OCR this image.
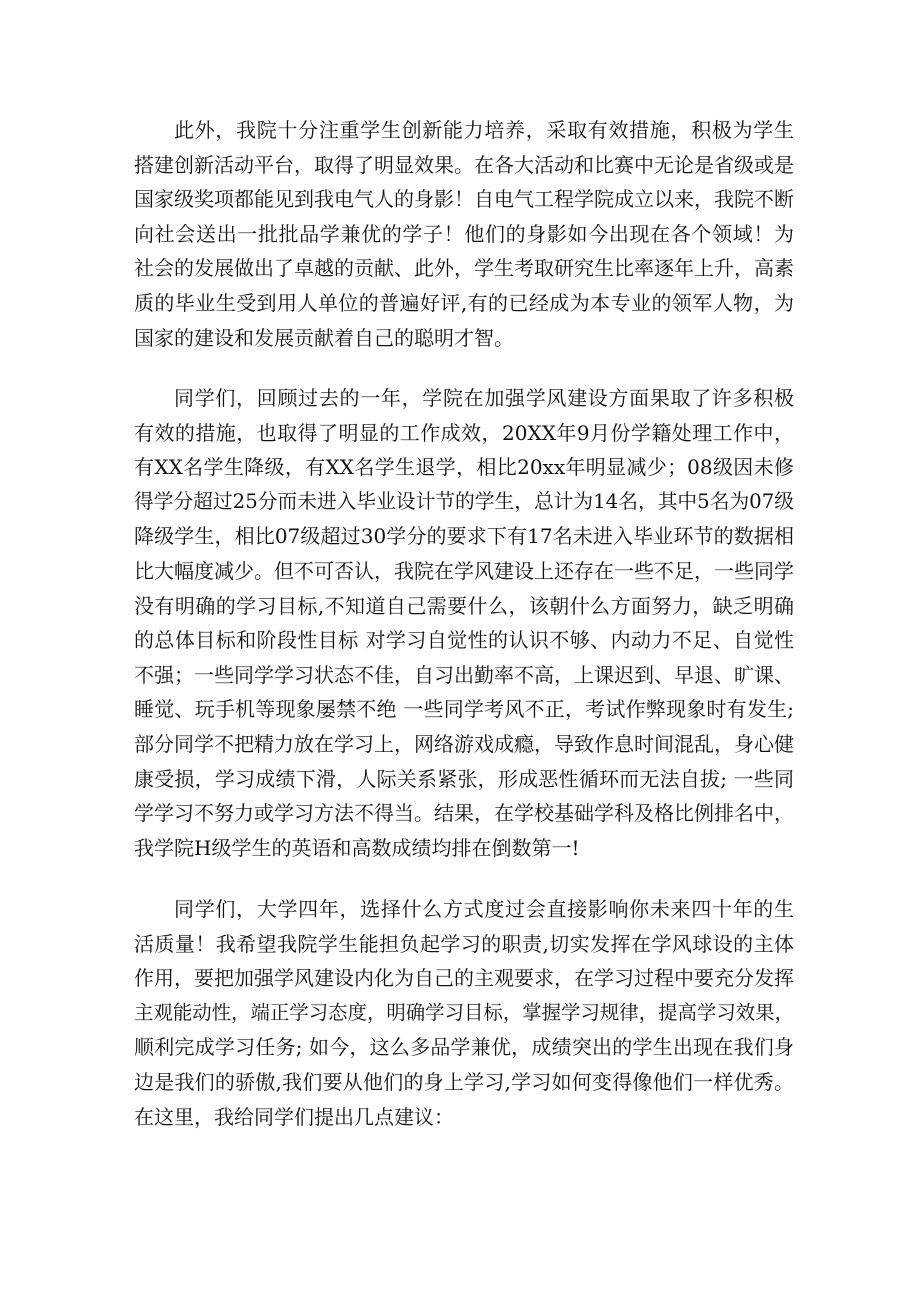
此外，我院十分注重学生创新能力培养，采取有效措施，积极为学生
搭建创新活动平台，取得了明显效果。在各大活动和比赛中无论是省级或是
国家级奖项都能见到我电气人的身影！自电气工程学院成立以来，我院不断
向社会送出一批批品学兼优的学子！他们的身影如今出现在各个领域！为
社会的发展做出了卓越的贡献、此外，学生考取研究生比率逐年上升，高素
质的毕业生受到用人单位的普遍好评,有的已经成为本专业的领军人物，为
国家的建设和发展贡献着自己的聪明才智。
同学们，回顾过去的一年，学院在加强学风建设方面果取了许多积极
有效的措施，也取得了明显的工作成效，20XX年9月份学籍处理工作中，
有XX名学生降级，有XX名学生退学，相比20xx年明显减少；08级因未修
得学分超过25分而未进入毕业设计节的学生，总计为14名，其中5名为07级
降级学生，相比07级超过30学分的要求下有17名未进入毕业环节的数据相
比大幅度减少。但不可否认，我院在学风建设上还存在一些不足，一些同学
没有明确的学习目标,不知道自己需要什么，该朝什么方面努力，缺乏明确
的总体目标和阶段性目标 对学习自觉性的认识不够、内动力不足、自觉性
不强；一些同学学习状态不佳，自习出勤率不高，上课迟到、早退、旷课、
睡觉、玩手机等现象屡禁不绝 一些同学考风不正，考试作弊现象时有发生;
部分同学不把精力放在学习上，网络游戏成瘾，导致作息时间混乱，身心健
康受损，学习成绩下滑，人际关系紧张，形成恶性循环而无法自拔; 一些同
学学习不努力或学习方法不得当。结果，在学校基础学科及格比例排名中，
我学院H级学生的英语和高数成绩均排在倒数第一!
同学们，大学四年，选择什么方式度过会直接影响你未来四十年的生
活质量！我希望我院学生能担负起学习的职责,切实发挥在学风球设的主体
作用，要把加强学风建设内化为自己的主观要求，在学习过程中要充分发挥
主观能动性，端正学习态度，明确学习目标，掌握学习规律，提高学习效果，
顺利完成学习任务; 如今，这么多品学兼优，成绩突出的学生出现在我们身
边是我们的骄傲,我们要从他们的身上学习,学习如何变得像他们一样优秀。
在这里，我给同学们提出几点建议：
